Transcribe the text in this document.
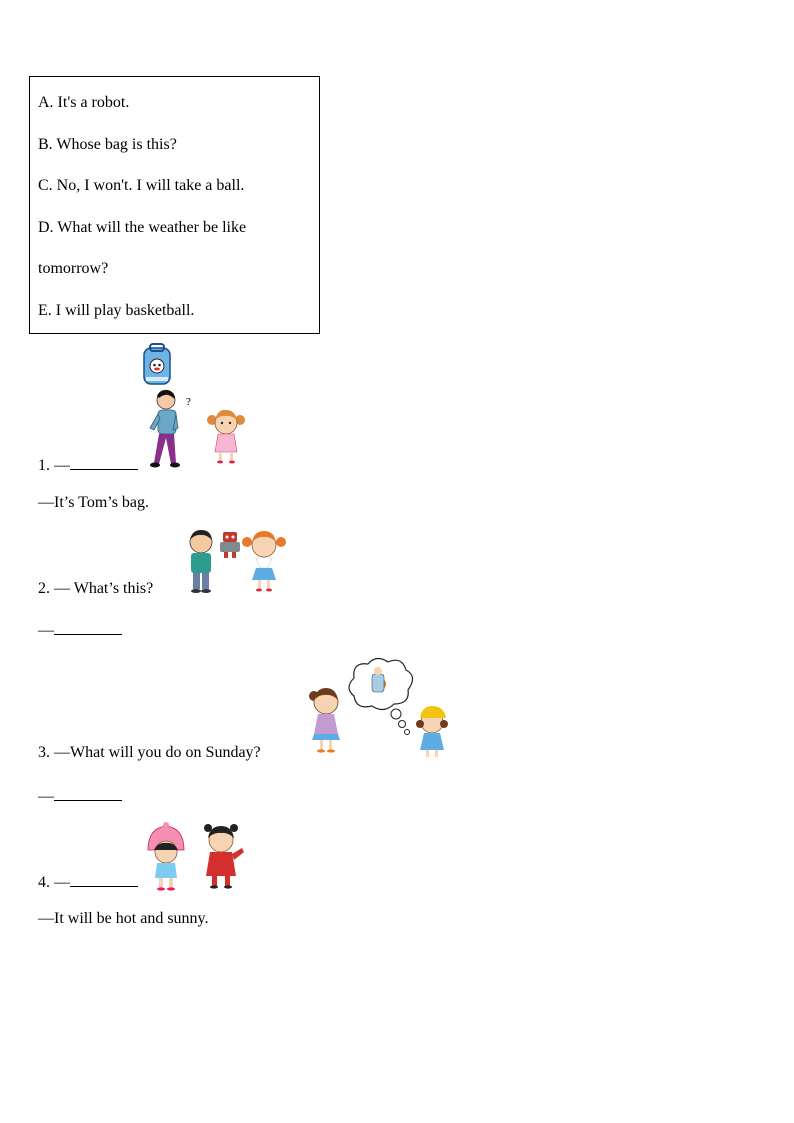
A. It's a robot.
B. Whose bag is this?
C. No, I won't. I will take a ball.
D. What will the weather be like
tomorrow?
E. I will play basketball.
?
1. —
—It’s Tom’s bag.
2. — What’s this?
—
3. —What will you do on Sunday?
—
4. —
—It will be hot and sunny.
